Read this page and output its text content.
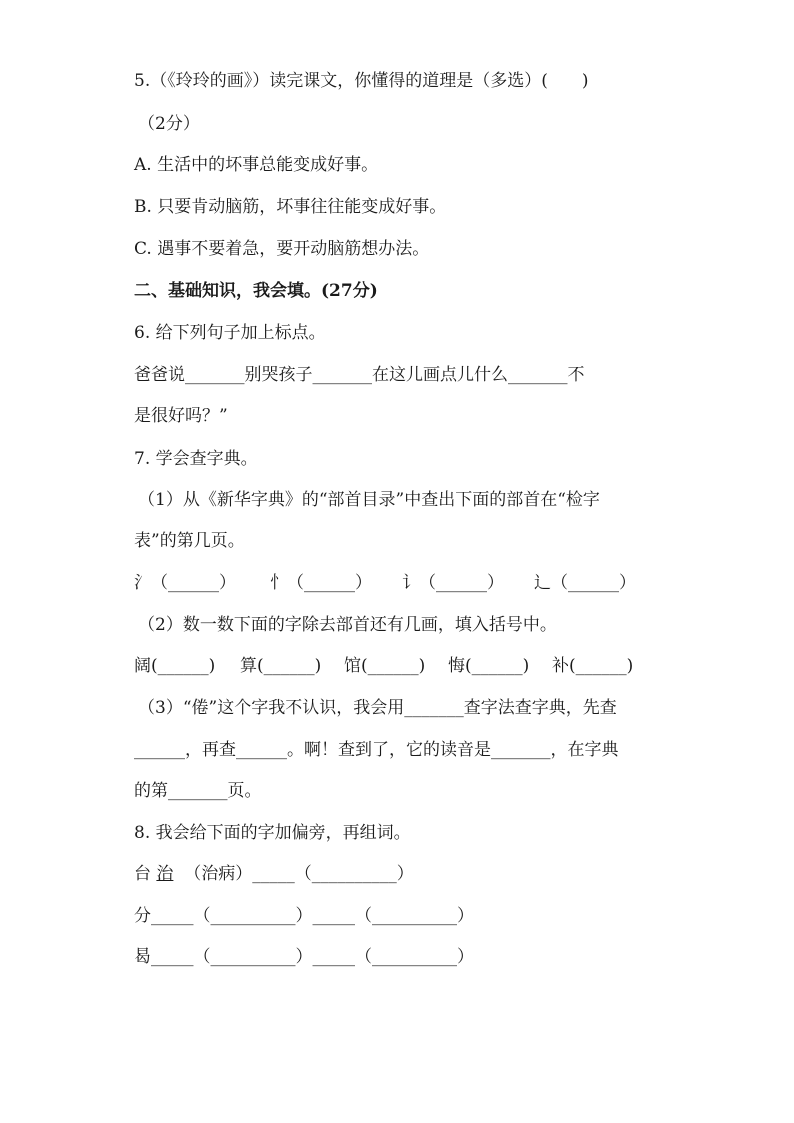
5.（《玲玲的画》）读完课文，你懂得的道理是（多选）(　　)
（2分）
A. 生活中的坏事总能变成好事。
B. 只要肯动脑筋，坏事往往能变成好事。
C. 遇事不要着急，要开动脑筋想办法。
二、基础知识，我会填。(27分)
6. 给下列句子加上标点。
爸爸说_______别哭孩子_______在这儿画点儿什么_______不
是很好吗？”
7. 学会查字典。
（1）从《新华字典》的“部首目录”中查出下面的部首在“检字
表”的第几页。
氵（______） 忄（______） 讠（______） 辶（______）
（2）数一数下面的字除去部首还有几画，填入括号中。
阔(______) 算(______) 馆(______) 悔(______) 补(______)
（3）“倦”这个字我不认识，我会用_______查字法查字典，先查
______，再查______。啊！查到了，它的读音是_______，在字典
的第_______页。
8. 我会给下面的字加偏旁，再组词。
台 治 （治病）_____（__________）
分_____（__________）_____（__________）
曷_____（__________）_____（__________）
